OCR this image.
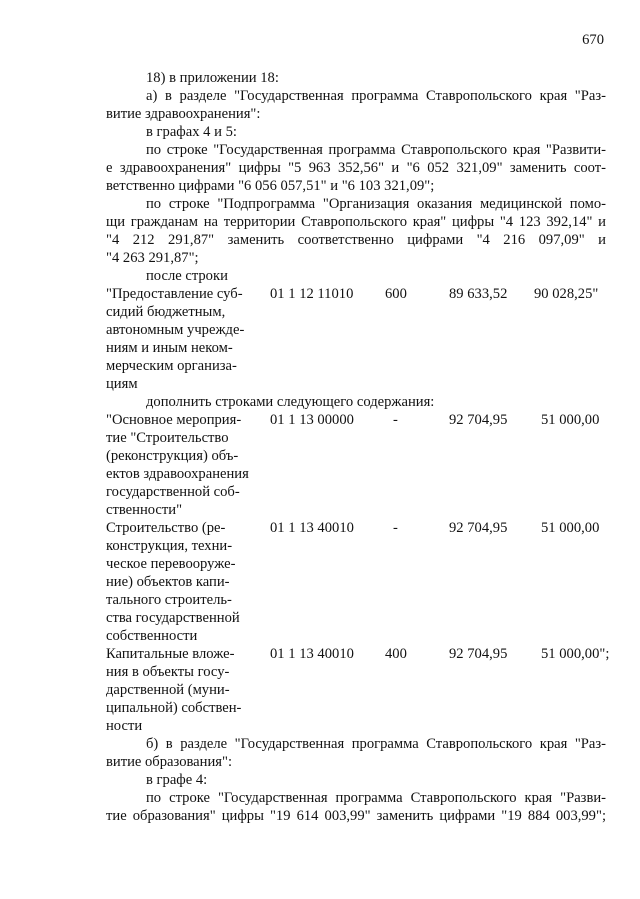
670
18) в приложении 18:
а) в разделе "Государственная программа Ставропольского края "Раз-
витие здравоохранения":
в графах 4 и 5:
по строке "Государственная программа Ставропольского края "Развити-
е здравоохранения" цифры "5 963 352,56" и "6 052 321,09" заменить соот-
ветственно цифрами "6 056 057,51" и "6 103 321,09";
по строке "Подпрограмма "Организация оказания медицинской помо-
щи гражданам на территории Ставропольского края" цифры "4 123 392,14" и
"4 212 291,87" заменить соответственно цифрами "4 216 097,09" и
"4 263 291,87";
после строки
"Предоставление суб-
сидий бюджетным,
автономным учрежде-
ниям и иным неком-
мерческим организа-
циям
01 1 12 11010 600	89 633,52 90 028,25"
дополнить строками следующего содержания:
"Основное мероприя-
тие "Строительство
(реконструкция) объ-
ектов здравоохранения
государственной соб-
ственности"
01 1 13 00000	-	92 704,95 51 000,00
Строительство (ре-
конструкция, техни-
ческое перевооруже-
ние) объектов капи-
тального строитель-
ства государственной
собственности
01 1 13 40010	-	92 704,95 51 000,00
Капитальные вложе-
ния в объекты госу-
дарственной (муни-
ципальной) собствен-
ности
01 1 13 40010 400	92 704,95 51 000,00";
б) в разделе "Государственная программа Ставропольского края "Раз-
витие образования":
в графе 4:
по строке "Государственная программа Ставропольского края "Разви-
тие образования" цифры "19 614 003,99" заменить цифрами "19 884 003,99";
